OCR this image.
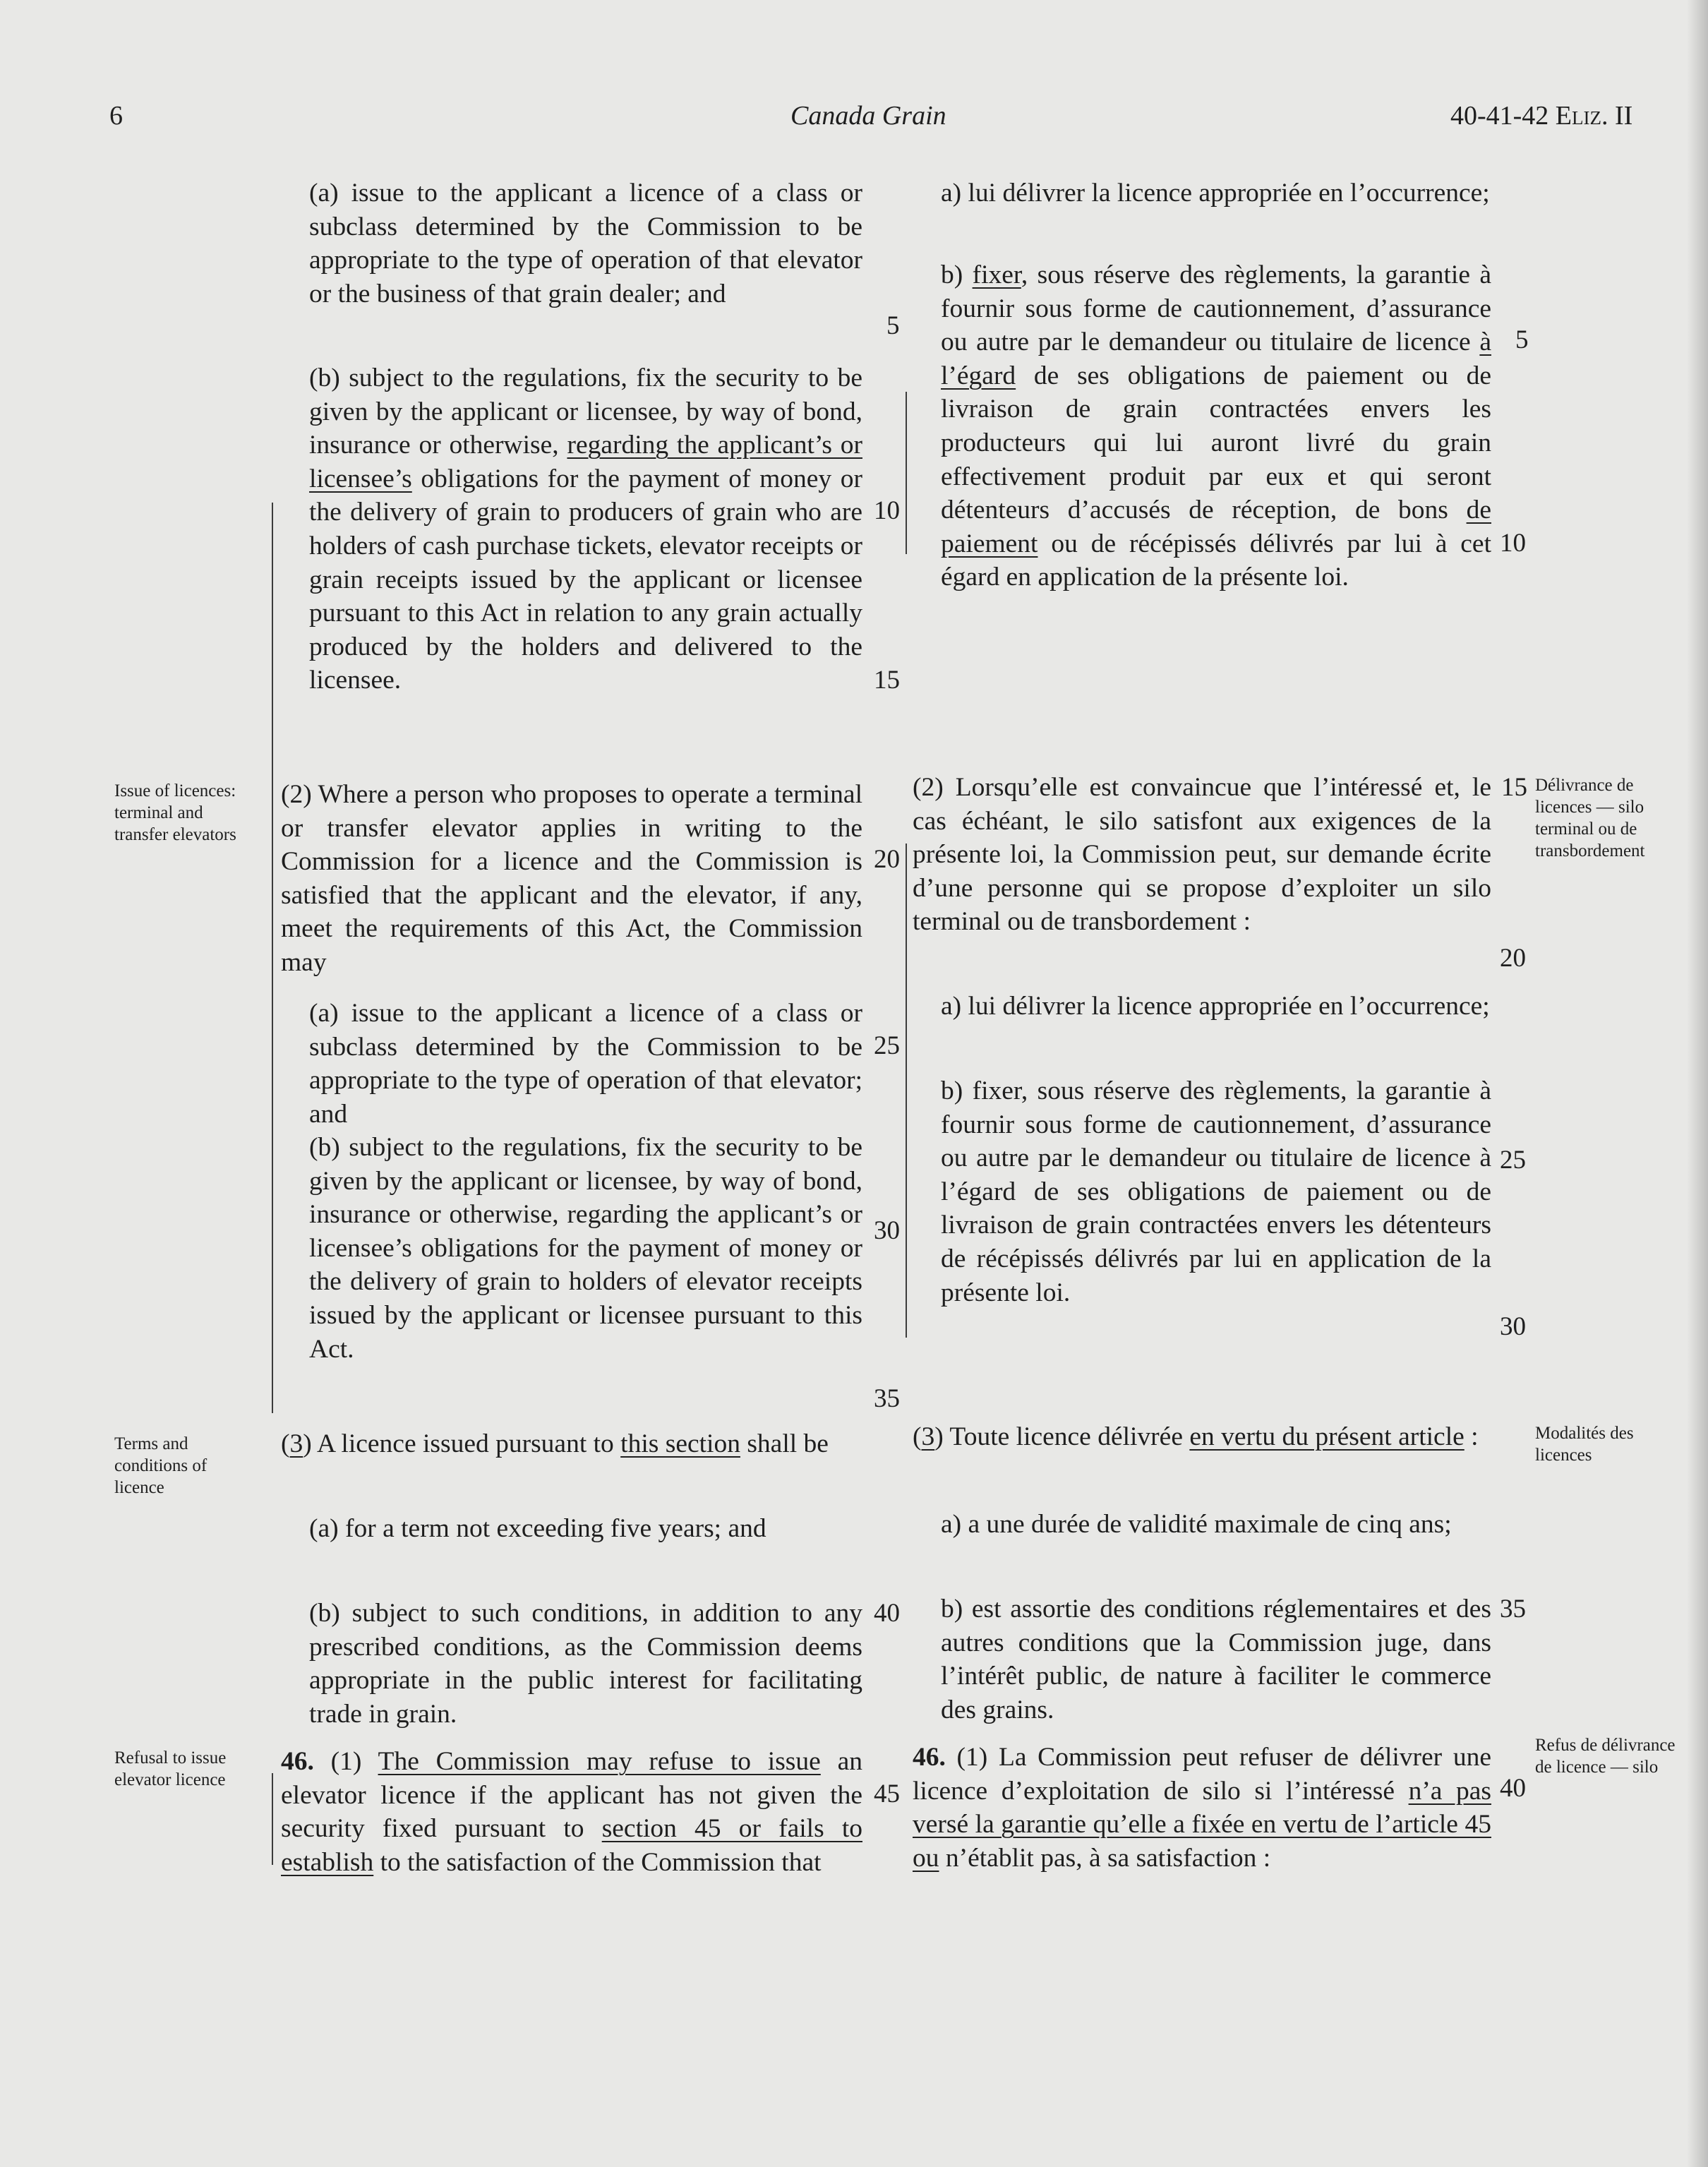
6	Canada Grain	40-41-42 Eliz. II
Issue of licences: terminal and transfer elevators
Terms and conditions of licence
Refusal to issue elevator licence
Délivrance de licences — silo terminal ou de transbordement
Modalités des licences
Refus de délivrance de licence — silo

(a) issue to the applicant a licence of a class or subclass determined by the Commission to be appropriate to the type of operation of that elevator or the business of that grain dealer; and

(b) subject to the regulations, fix the security to be given by the applicant or licensee, by way of bond, insurance or otherwise, regarding the applicant’s or licensee’s obligations for the payment of money or the delivery of grain to producers of grain who are holders of cash purchase tickets, elevator receipts or grain receipts issued by the applicant or licensee pursuant to this Act in relation to any grain actually produced by the holders and delivered to the licensee.

(2) Where a person who proposes to operate a terminal or transfer elevator applies in writing to the Commission for a licence and the Commission is satisfied that the applicant and the elevator, if any, meet the requirements of this Act, the Commission may

(a) issue to the applicant a licence of a class or subclass determined by the Commission to be appropriate to the type of operation of that elevator; and

(b) subject to the regulations, fix the security to be given by the applicant or licensee, by way of bond, insurance or otherwise, regarding the applicant’s or licensee’s obligations for the payment of money or the delivery of grain to holders of elevator receipts issued by the applicant or licensee pursuant to this Act.

(3) A licence issued pursuant to this section shall be

(a) for a term not exceeding five years; and

(b) subject to such conditions, in addition to any prescribed conditions, as the Commission deems appropriate in the public interest for facilitating trade in grain.

46. (1) The Commission may refuse to issue an elevator licence if the applicant has not given the security fixed pursuant to section 45 or fails to establish to the satisfaction of the Commission that

5
10
15
20
25
30
35
40
45

a) lui délivrer la licence appropriée en l’occurrence;

b) fixer, sous réserve des règlements, la garantie à fournir sous forme de cautionnement, d’assurance ou autre par le demandeur ou titulaire de licence à l’égard de ses obligations de paiement ou de livraison de grain contractées envers les producteurs qui lui auront livré du grain effectivement produit par eux et qui seront détenteurs d’accusés de réception, de bons de paiement ou de récépissés délivrés par lui à cet égard en application de la présente loi.

(2) Lorsqu’elle est convaincue que l’intéressé et, le cas échéant, le silo satisfont aux exigences de la présente loi, la Commission peut, sur demande écrite d’une personne qui se propose d’exploiter un silo terminal ou de transbordement :

a) lui délivrer la licence appropriée en l’occurrence;

b) fixer, sous réserve des règlements, la garantie à fournir sous forme de cautionnement, d’assurance ou autre par le demandeur ou titulaire de licence à l’égard de ses obligations de paiement ou de livraison de grain contractées envers les détenteurs de récépissés délivrés par lui en application de la présente loi.

(3) Toute licence délivrée en vertu du présent article :

a) a une durée de validité maximale de cinq ans;

b) est assortie des conditions réglementaires et des autres conditions que la Commission juge, dans l’intérêt public, de nature à faciliter le commerce des grains.

46. (1) La Commission peut refuser de délivrer une licence d’exploitation de silo si l’intéressé n’a pas versé la garantie qu’elle a fixée en vertu de l’article 45 ou n’établit pas, à sa satisfaction :

5
10
15
20
25
30
35
40
